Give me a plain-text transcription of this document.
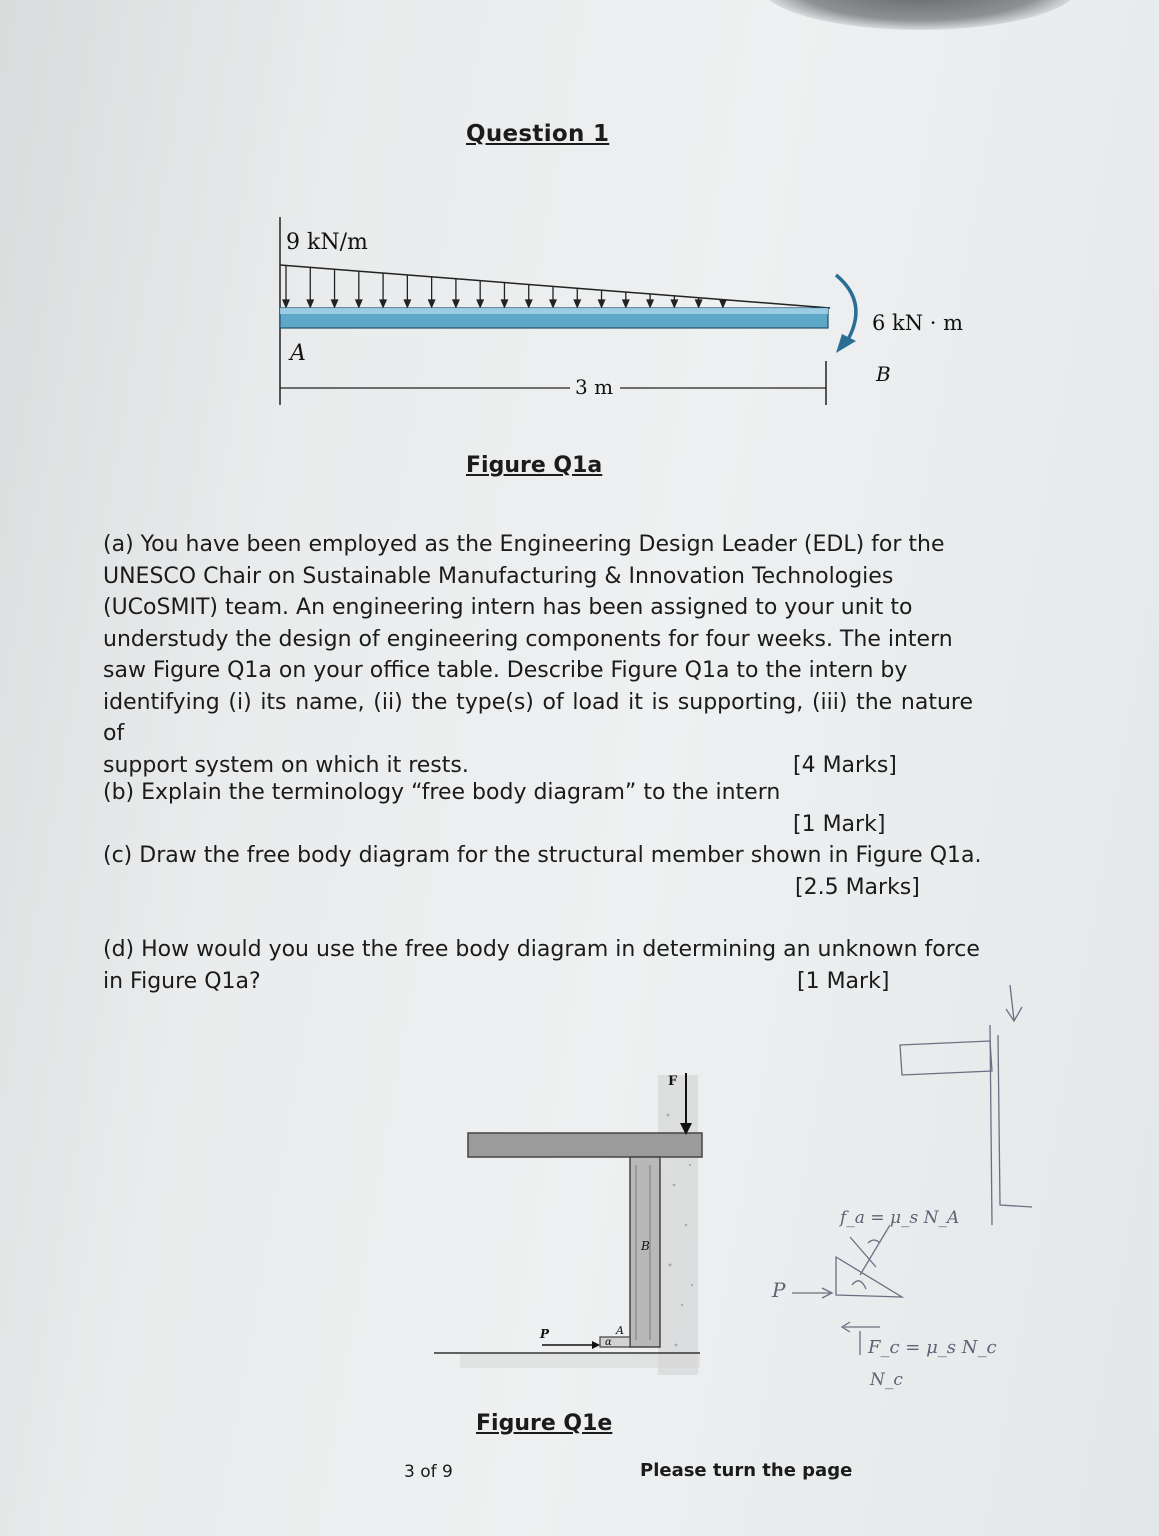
Question 1
9 kN/m
6 kN · m
A
B
3 m
Figure Q1a
(a) You have been employed as the Engineering Design Leader (EDL) for the
UNESCO Chair on Sustainable Manufacturing & Innovation Technologies
(UCoSMIT) team. An engineering intern has been assigned to your unit to
understudy the design of engineering components for four weeks. The intern
saw Figure Q1a on your office table. Describe Figure Q1a to the intern by
identifying (i) its name, (ii) the type(s) of load it is supporting, (iii) the nature of
support system on which it rests.	[4 Marks]
(b) Explain the terminology “free body diagram” to the intern
[1 Mark]
(c) Draw the free body diagram for the structural member shown in Figure Q1a.
[2.5 Marks]
(d) How would you use the free body diagram in determining an unknown force
in Figure Q1a?	[1 Mark]
B
F
A
α
P
Figure Q1e
f_a = μ_s N_A
P
F_c = μ_s N_c
N_c
3 of 9	Please turn the page
